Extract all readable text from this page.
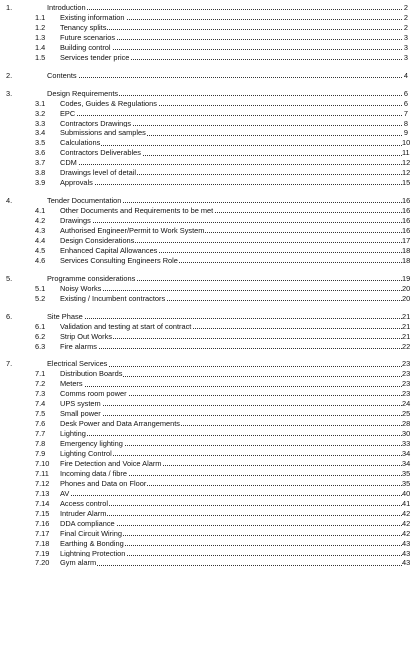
1.	Introduction	2
1.1 Existing information	2
1.2 Tenancy splits	2
1.3 Future scenarios	3
1.4 Building control	3
1.5 Services tender price	3
2.	Contents	4
3.	Design Requirements	6
3.1 Codes, Guides & Regulations	6
3.2 EPC	7
3.3 Contractors Drawings	8
3.4 Submissions and samples	9
3.5 Calculations	10
3.6 Contractors Deliverables	11
3.7 CDM	12
3.8 Drawings level of detail	12
3.9 Approvals	15
4.	Tender Documentation	16
4.1 Other Documents and Requirements to be met	16
4.2 Drawings	16
4.3 Authorised Engineer/Permit to Work System	16
4.4 Design Considerations	17
4.5 Enhanced Capital Allowances	18
4.6 Services Consulting Engineers Role	18
5.	Programme considerations	19
5.1 Noisy Works	20
5.2 Existing / Incumbent contractors	20
6.	Site Phase	21
6.1 Validation and testing at start of contract	21
6.2 Strip Out Works	21
6.3 Fire alarms	22
7.	Electrical Services	23
7.1 Distribution Boards	23
7.2 Meters	23
7.3 Comms room power	23
7.4 UPS system	24
7.5 Small power	25
7.6 Desk Power and Data Arrangements	28
7.7 Lighting	30
7.8 Emergency lighting	33
7.9 Lighting Control	34
7.10 Fire Detection and Voice Alarm	34
7.11 Incoming data / fibre	35
7.12 Phones and Data on Floor	35
7.13 AV	40
7.14 Access control	41
7.15 Intruder Alarm	42
7.16 DDA compliance	42
7.17 Final Circuit Wiring	42
7.18 Earthing & Bonding	43
7.19 Lightning Protection	43
7.20 Gym alarm	43
